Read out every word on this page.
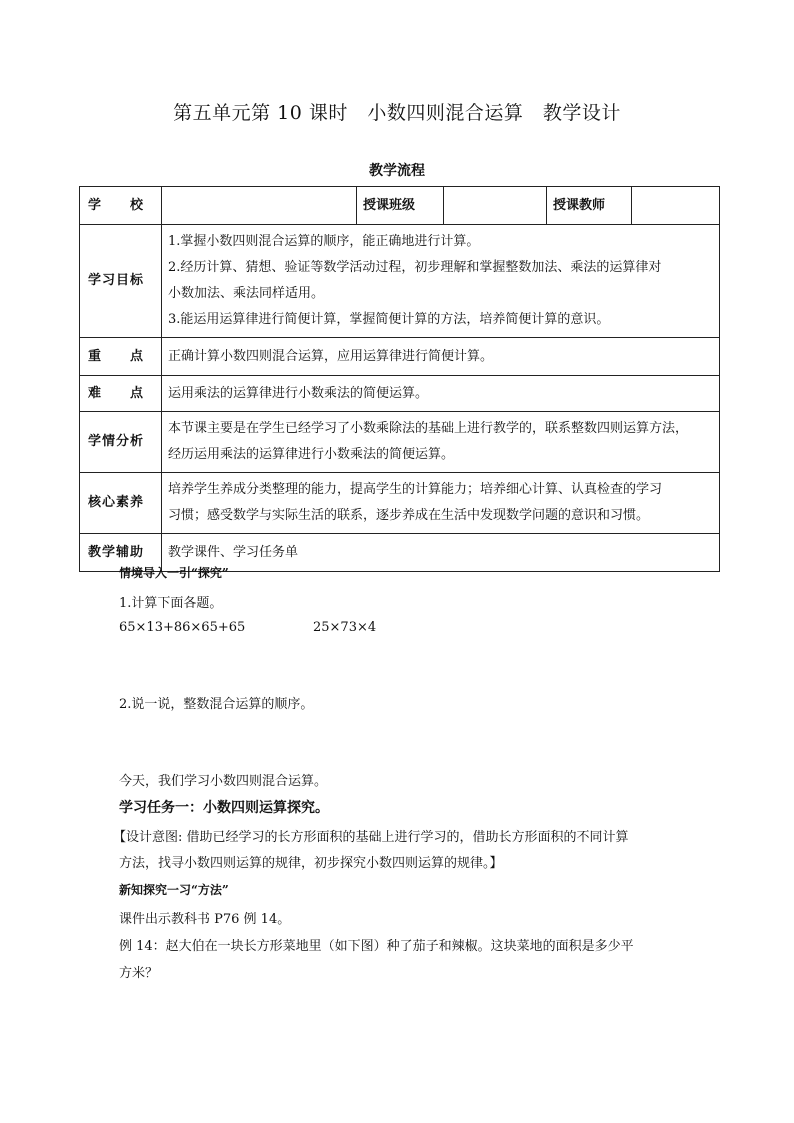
第五单元第 10 课时　小数四则混合运算　教学设计
教学流程
学　　校		授课班级		授课教师	
学习目标	1.掌握小数四则混合运算的顺序，能正确地进行计算。
2.经历计算、猜想、验证等数学活动过程，初步理解和掌握整数加法、乘法的运算律对
小数加法、乘法同样适用。
3.能运用运算律进行简便计算，掌握简便计算的方法，培养简便计算的意识。				

重　　点	正确计算小数四则混合运算，应用运算律进行简便计算。				
难　　点	运用乘法的运算律进行小数乘法的简便运算。				
学情分析	本节课主要是在学生已经学习了小数乘除法的基础上进行教学的，联系整数四则运算方法，
经历运用乘法的运算律进行小数乘法的简便运算。				

核心素养	培养学生养成分类整理的能力，提高学生的计算能力；培养细心计算、认真检查的学习
习惯；感受数学与实际生活的联系，逐步养成在生活中发现数学问题的意识和习惯。				

教学辅助	教学课件、学习任务单				
情境导入一引“探究”
1.计算下面各题。
65×13+86×65+65	25×73×4
2.说一说，整数混合运算的顺序。
今天，我们学习小数四则混合运算。
学习任务一：小数四则运算探究。
【设计意图: 借助已经学习的长方形面积的基础上进行学习的，借助长方形面积的不同计算
方法，找寻小数四则运算的规律，初步探究小数四则运算的规律。】
新知探究一习“方法”
课件出示教科书 P76 例 14。
例 14：赵大伯在一块长方形菜地里（如下图）种了茄子和辣椒。这块菜地的面积是多少平
方米？
